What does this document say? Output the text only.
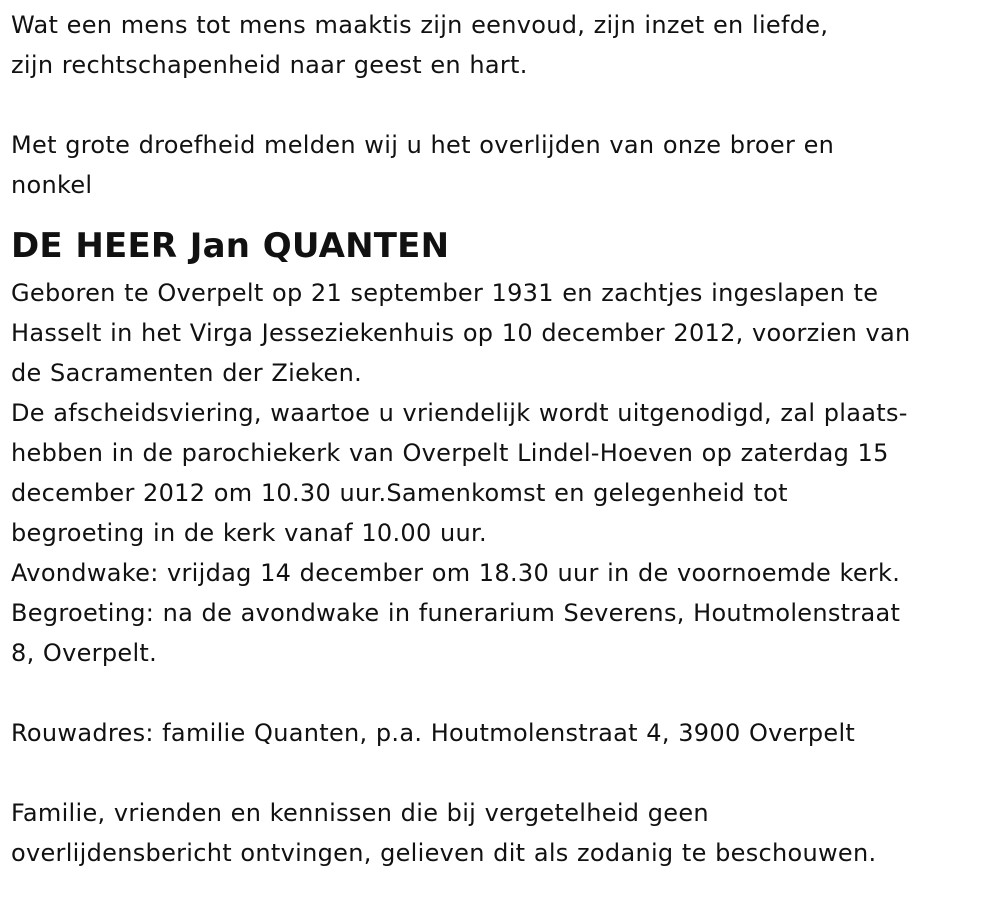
Wat een mens tot mens maaktis zijn eenvoud, zijn inzet en liefde,
zijn rechtschapenheid naar geest en hart.
Met grote droefheid melden wij u het overlijden van onze broer en
nonkel
DE HEER Jan QUANTEN
Geboren te Overpelt op 21 september 1931 en zachtjes ingeslapen te
Hasselt in het Virga Jesseziekenhuis op 10 december 2012, voorzien van
de Sacramenten der Zieken.
De afscheidsviering, waartoe u vriendelijk wordt uitgenodigd, zal plaats-
hebben in de parochiekerk van Overpelt Lindel-Hoeven op zaterdag 15
december 2012 om 10.30 uur.Samenkomst en gelegenheid tot
begroeting in de kerk vanaf 10.00 uur.
Avondwake: vrijdag 14 december om 18.30 uur in de voornoemde kerk.
Begroeting: na de avondwake in funerarium Severens, Houtmolenstraat
8, Overpelt.
Rouwadres: familie Quanten, p.a. Houtmolenstraat 4, 3900 Overpelt
Familie, vrienden en kennissen die bij vergetelheid geen
overlijdensbericht ontvingen, gelieven dit als zodanig te beschouwen.
